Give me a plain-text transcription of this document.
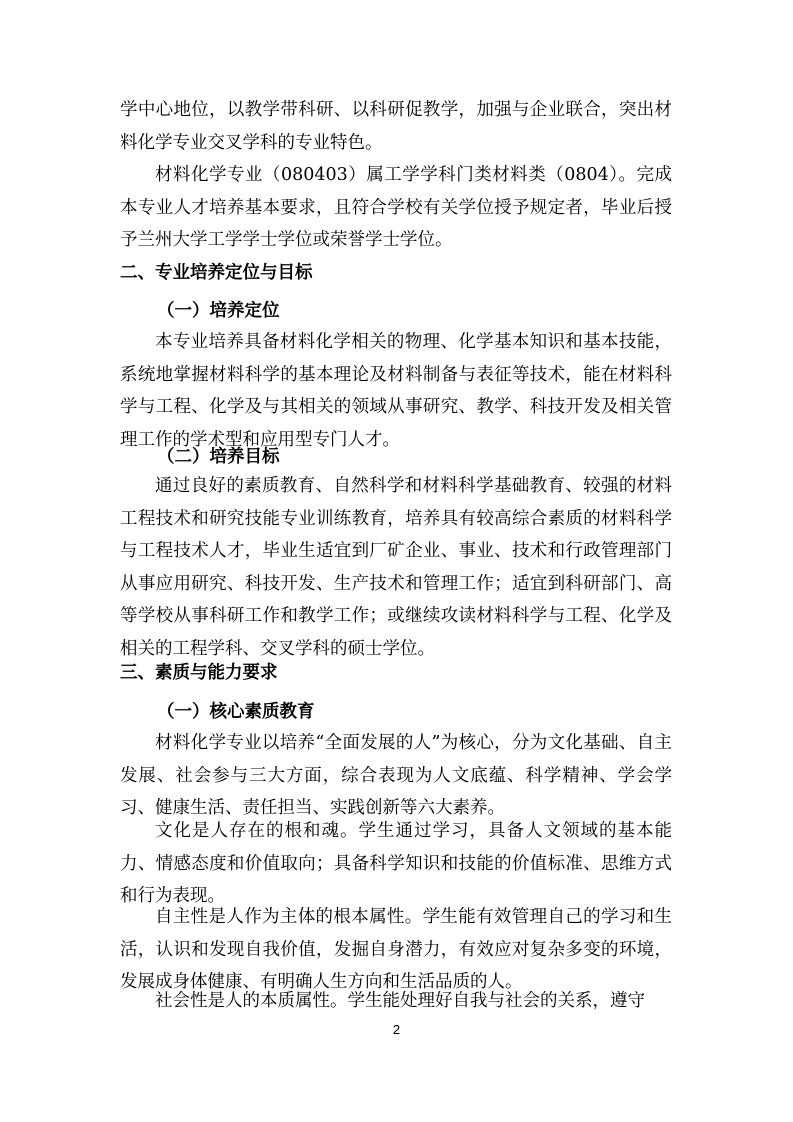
学中心地位，以教学带科研、以科研促教学，加强与企业联合，突出材料化学专业交叉学科的专业特色。

材料化学专业（080403）属工学学科门类材料类（0804）。完成本专业人才培养基本要求，且符合学校有关学位授予规定者，毕业后授予兰州大学工学学士学位或荣誉学士学位。

二、专业培养定位与目标
（一）培养定位

本专业培养具备材料化学相关的物理、化学基本知识和基本技能，系统地掌握材料科学的基本理论及材料制备与表征等技术，能在材料科学与工程、化学及与其相关的领域从事研究、教学、科技开发及相关管理工作的学术型和应用型专门人才。

（二）培养目标

通过良好的素质教育、自然科学和材料科学基础教育、较强的材料工程技术和研究技能专业训练教育，培养具有较高综合素质的材料科学与工程技术人才，毕业生适宜到厂矿企业、事业、技术和行政管理部门从事应用研究、科技开发、生产技术和管理工作；适宜到科研部门、高等学校从事科研工作和教学工作；或继续攻读材料科学与工程、化学及相关的工程学科、交叉学科的硕士学位。

三、素质与能力要求
（一）核心素质教育

材料化学专业以培养“全面发展的人”为核心，分为文化基础、自主发展、社会参与三大方面，综合表现为人文底蕴、科学精神、学会学习、健康生活、责任担当、实践创新等六大素养。

文化是人存在的根和魂。学生通过学习，具备人文领域的基本能力、情感态度和价值取向；具备科学知识和技能的价值标准、思维方式和行为表现。

自主性是人作为主体的根本属性。学生能有效管理自己的学习和生活，认识和发现自我价值，发掘自身潜力，有效应对复杂多变的环境，发展成身体健康、有明确人生方向和生活品质的人。

社会性是人的本质属性。学生能处理好自我与社会的关系，遵守

2
